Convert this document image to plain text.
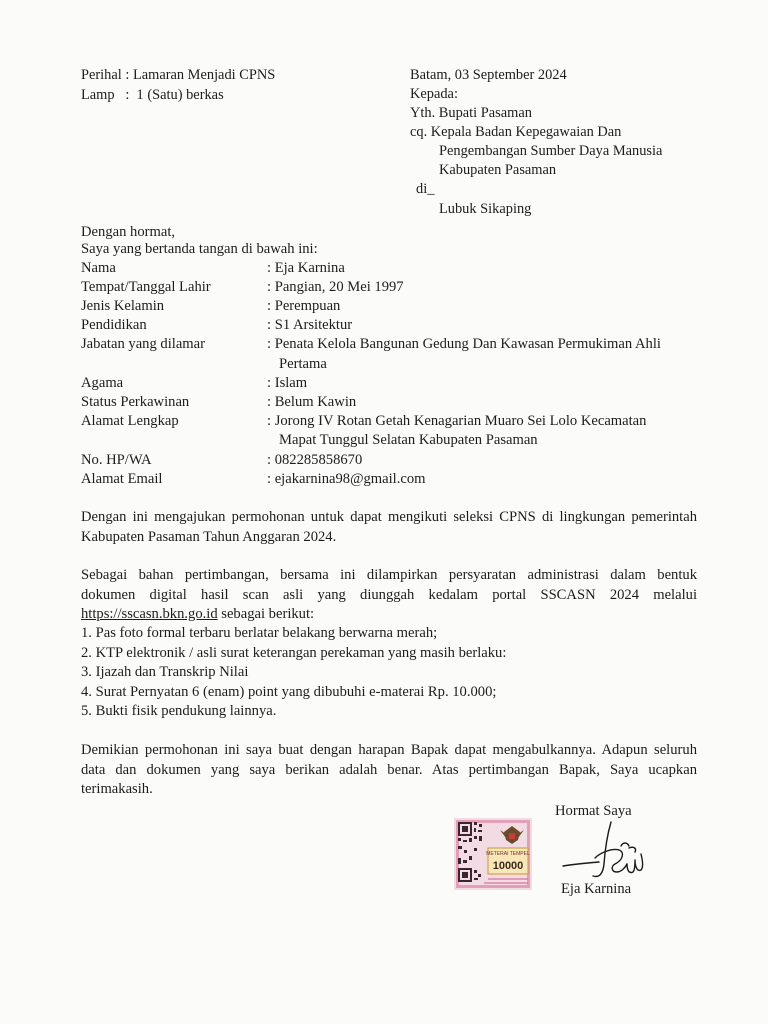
Perihal : Lamaran Menjadi CPNS
Lamp   :  1 (Satu) berkas
Batam, 03 September 2024
Kepada:
Yth. Bupati Pasaman
cq. Kepala Badan Kepegawaian Dan
Pengembangan Sumber Daya Manusia
Kabupaten Pasaman
di_
Lubuk Sikaping
Dengan hormat,
Saya yang bertanda tangan di bawah ini:
Nama	: Eja Karnina
Tempat/Tanggal Lahir	: Pangian, 20 Mei 1997
Jenis Kelamin	: Perempuan
Pendidikan	: S1 Arsitektur
Jabatan yang dilamar	: Penata Kelola Bangunan Gedung Dan Kawasan Permukiman Ahli
Pertama
Agama	: Islam
Status Perkawinan	: Belum Kawin
Alamat Lengkap	: Jorong IV Rotan Getah Kenagarian Muaro Sei Lolo Kecamatan
Mapat Tunggul Selatan Kabupaten Pasaman
No. HP/WA	: 082285858670
Alamat Email	: ejakarnina98@gmail.com
Dengan ini mengajukan permohonan untuk dapat mengikuti seleksi CPNS di lingkungan pemerintah
Kabupaten Pasaman Tahun Anggaran 2024.
Sebagai bahan pertimbangan, bersama ini dilampirkan persyaratan administrasi dalam bentuk
dokumen digital hasil scan asli yang diunggah kedalam portal SSCASN 2024 melalui
https://sscasn.bkn.go.id sebagai berikut:
1. Pas foto formal terbaru berlatar belakang berwarna merah;
2. KTP elektronik / asli surat keterangan perekaman yang masih berlaku:
3. Ijazah dan Transkrip Nilai
4. Surat Pernyatan 6 (enam) point yang dibubuhi e-materai Rp. 10.000;
5. Bukti fisik pendukung lainnya.
Demikian permohonan ini saya buat dengan harapan Bapak dapat mengabulkannya. Adapun seluruh
data dan dokumen yang saya berikan adalah benar. Atas pertimbangan Bapak, Saya ucapkan
terimakasih.
Hormat Saya
METERAI TEMPEL
10000
Eja Karnina
